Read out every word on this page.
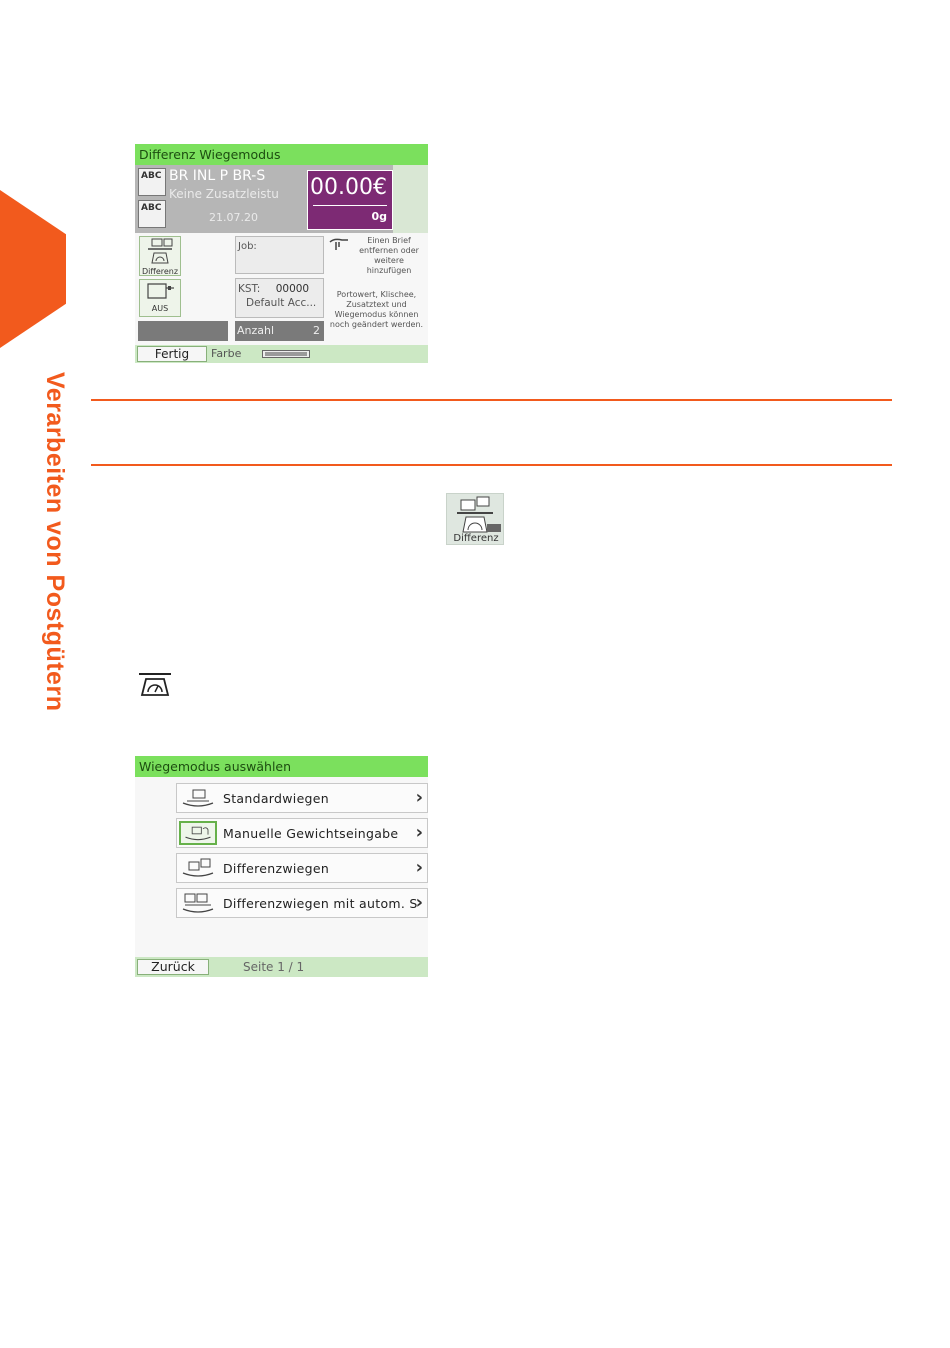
Verarbeiten von Postgütern
Differenz Wiegemodus
ABC
ABC
BR INL P BR-S
Keine Zusatzleistu
21.07.20
00.00€
0g
Differenz
AUS
Job:
KST: 00000
Default Acc...
Anzahl	2
Einen Brief entfernen oder weitere hinzufügen
Portowert, Klischee, Zusatztext und Wiegemodus können noch geändert werden.
Fertig	Farbe
Differenz
Wiegemodus auswählen
Standardwiegen	›
Manuelle Gewichtseingabe ›
Differenzwiegen	›
Differenzwiegen mit autom. S
›
Zurück	Seite 1 / 1
